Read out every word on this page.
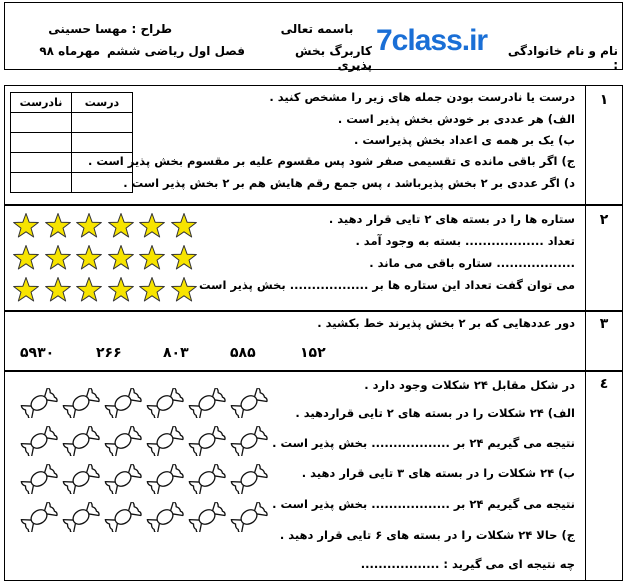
طراح : مهسا حسینی
مهرماه ۹۸
باسمه تعالی
فصل اول ریاضی ششم	کاربرگ بخش پذیری
7class.ir	نام و نام خانوادگی :
۱
درست یا نادرست بودن جمله های زیر را مشخص کنید .
الف) هر عددی بر خودش بخش پذیر است .
ب) یک بر همه ی اعداد بخش پذیراست .
ج) اگر باقی مانده ی تقسیمی صفر شود پس مقسوم علیه بر مقسوم بخش پذیر است .
د) اگر عددی بر ۲ بخش پذیرباشد ، پس جمع رقم هایش هم بر ۲ بخش پذیر است .
نادرست	درست

۲
ستاره ها را در بسته های ۲ تایی قرار دهید .
تعداد .................. بسته به وجود آمد .
.................. ستاره باقی می ماند .
می توان گفت تعداد این ستاره ها بر .................. بخش پذیر است .
۳
دور عددهایی که بر ۲ بخش پذیرند خط بکشید .
۵۹۳۰	۲۶۶	۸۰۳	۵۸۵	۱۵۲
٤
در شکل مقابل ۲۴ شکلات وجود دارد .
الف) ۲۴ شکلات را در بسته های ۲ تایی قراردهید .
نتیجه می گیریم ۲۴ بر .................. بخش پذیر است .
ب) ۲۴ شکلات را در بسته های ۳ تایی قرار دهید .
نتیجه می گیریم ۲۴ بر .................. بخش پذیر است .
ج) حالا ۲۴ شکلات را در بسته های ۶ تایی قرار دهید .
چه نتیجه ای می گیرید : ..................
